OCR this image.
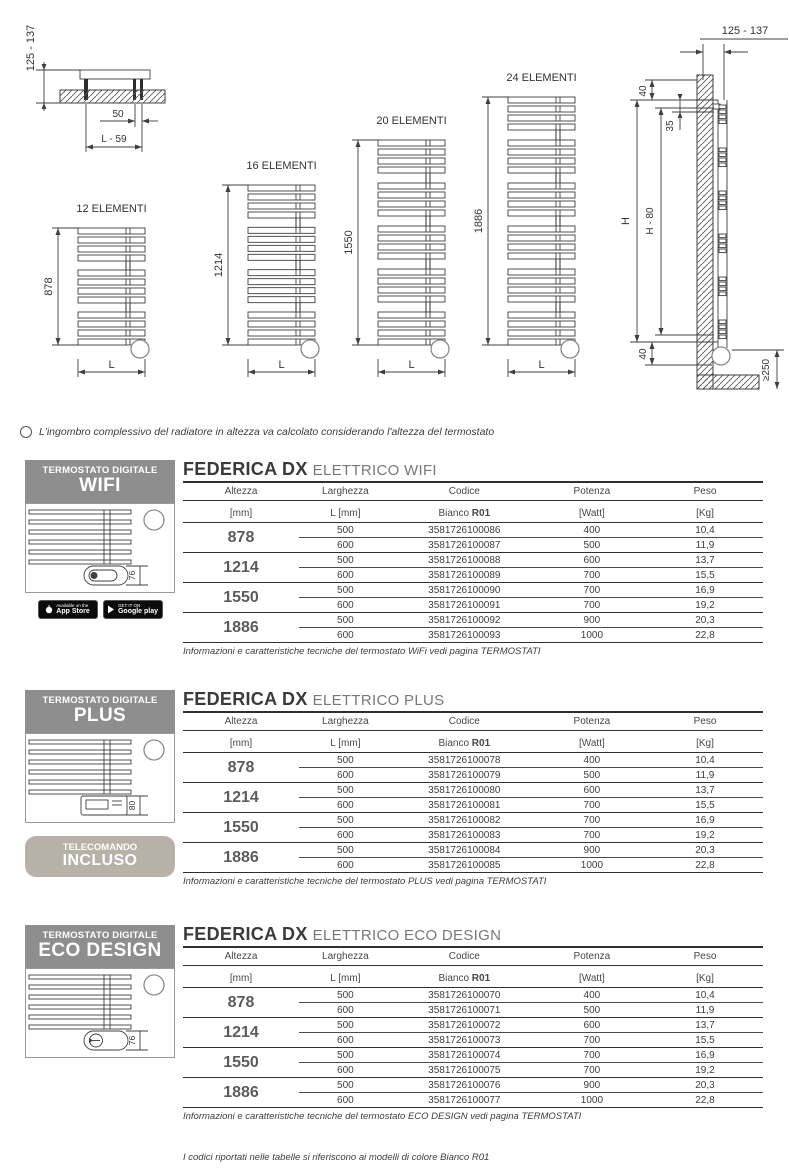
125 - 137
50
L - 59
12 ELEMENTI
878
L
16 ELEMENTI
1214
L
20 ELEMENTI
1550
L
24 ELEMENTI
1886
L
125 - 137
40
35
H H - 80
40
≥250
L'ingombro complessivo del radiatore in altezza va calcolato considerando l'altezza del termostato
TERMOSTATO DIGITALE
WIFI
76
Available on the
App Store
GET IT ON
Google play
FEDERICA DX ELETTRICO WIFI
Altezza	Larghezza	Codice	Potenza	Peso
[mm]	L [mm]	Bianco R01	[Watt]	[Kg]
878	500	3581726100086	400	10,4
	600	3581726100087	500	11,9
1214	500	3581726100088	600	13,7
	600	3581726100089	700	15,5
1550	500	3581726100090	700	16,9
	600	3581726100091	700	19,2
1886	500	3581726100092	900	20,3
	600	3581726100093	1000	22,8

Informazioni e caratteristiche tecniche del termostato WiFi vedi pagina TERMOSTATI

TERMOSTATO DIGITALE
PLUS
80
TELECOMANDO
INCLUSO
FEDERICA DX ELETTRICO PLUS
Altezza	Larghezza	Codice	Potenza	Peso
[mm]	L [mm]	Bianco R01	[Watt]	[Kg]
878	500	3581726100078	400	10,4
	600	3581726100079	500	11,9
1214	500	3581726100080	600	13,7
	600	3581726100081	700	15,5
1550	500	3581726100082	700	16,9
	600	3581726100083	700	19,2
1886	500	3581726100084	900	20,3
	600	3581726100085	1000	22,8

Informazioni e caratteristiche tecniche del termostato PLUS vedi pagina TERMOSTATI

TERMOSTATO DIGITALE
ECO DESIGN
76
FEDERICA DX ELETTRICO ECO DESIGN
Altezza	Larghezza	Codice	Potenza	Peso
[mm]	L [mm]	Bianco R01	[Watt]	[Kg]
878	500	3581726100070	400	10,4
	600	3581726100071	500	11,9
1214	500	3581726100072	600	13,7
	600	3581726100073	700	15,5
1550	500	3581726100074	700	16,9
	600	3581726100075	700	19,2
1886	500	3581726100076	900	20,3
	600	3581726100077	1000	22,8

Informazioni e caratteristiche tecniche del termostato ECO DESIGN vedi pagina TERMOSTATI

I codici riportati nelle tabelle si riferiscono ai modelli di colore Bianco R01
